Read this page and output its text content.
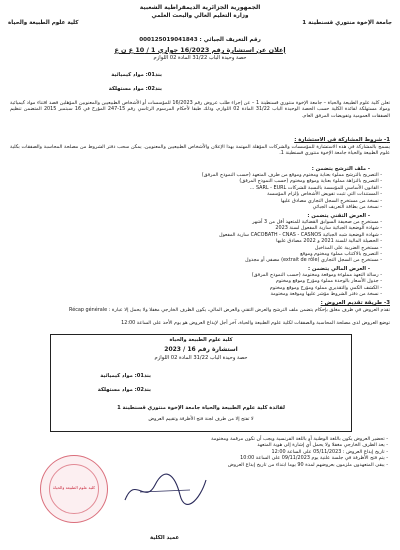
الجمهورية الجزائرية الديمقراطية الشعبية
وزارة التعليم العالي والبحث العلمي
جامعة الإخوة منتوري قسنطينة 1
كلية علوم الطبيعة والحياة
رقم التعريف الجبائي : 000125019041843
إعلان عن استشارة رقم 16/2023 جواري 1 / 10 ع ن ع
حصة وحيدة الباب 31/22 المادة 02 اللوازم
بند01: مواد كيميائية
بند02: مواد مستهلكة
تعلن كلية علوم الطبيعة والحياة – جامعة الإخوة منتوري قسنطينة 1 – عن إجراء طلب عروض رقم 16/2023 للمؤسسات أو الأشخاص الطبيعيين والمعنويين المؤهلين قصد اقتناء مواد كيميائية ومواد مستهلكة لفائدة الكلية حسب الحصة الوحيدة الباب 31/22 المادة 02 اللوازم، وذلك طبقا لأحكام المرسوم الرئاسي رقم 15-247 المؤرخ في 16 سبتمبر 2015 المتضمن تنظيم الصفقات العمومية وتفويضات المرفق العام.
1- شروط المشاركة في الاستشارة :
يسمح بالمشاركة في هذه الاستشارة للمؤسسات والشركات المؤهلة المهتمة بهذا الإعلان والأشخاص الطبيعيين والمعنويين. يمكن سحب دفتر الشروط من مصلحة المحاسبة والصفقات بكلية علوم الطبيعة والحياة جامعة الإخوة منتوري قسنطينة 1.
- ملف الترشح يتضمن :
- التصريح بالترشح مملوء بعناية ومختوم وموقع من طرف المتعهد (حسب النموذج المرفق)
- التصريح بالنزاهة مملوء بعناية وموقع ومختوم (حسب النموذج المرفق)
- القانون الأساسي للمؤسسة بالنسبة للشركات SARL - EURL ...
- المستندات التي تثبت تفويض الأشخاص بإلزام المؤسسة
- نسخة من مستخرج السجل التجاري مصادق عليها
- نسخة من بطاقة التعريف الجبائي
- العرض التقني يتضمن :
- مستخرج من صحيفة السوابق القضائية للمتعهد أقل من 3 أشهر
- شهادة الوضعية الجبائية سارية المفعول لسنة 2023
- شهادة الوضعية شبه الجبائية CACOBATH - CNAS - CASNOS سارية المفعول
- الحصيلة المالية للسنة 2021 و 2022 مصادق عليها
- مستخرج الضريبة على المداخيل
- التصريح بالاكتتاب مملوء ومختوم وموقع
- مستخرج من السجل التجاري (extrait de rôle) مصفى أو مجدول
- العرض المالي يتضمن :
- رسالة التعهد مملوءة وموقعة ومختومة (حسب النموذج المرفق)
- جدول الأسعار بالوحدة مملوء ومؤرخ وموقع ومختوم
- الكشف الكمي والتقديري مملوء ومؤرخ وموقع ومختوم
- نسخة من دفتر الشروط مؤشر عليها وموقعة ومختومة
3- طريقة تقديم العروض :
تقدم العروض في ظرف مغلق بإحكام يتضمن ملف الترشح والعرض التقني والعرض المالي، يكون الظرف الخارجي مغفلا ولا يحمل إلا عبارة : Récap générale
توضع العروض لدى مصلحة المحاسبة والصفقات لكلية علوم الطبيعة والحياة، آخر أجل لإيداع العروض هو يوم الأحد على الساعة 12:00
كلية علوم الطبيعة والحياة
استشارة رقم 16 / 2023
حصة وحيدة الباب 31/22 المادة 02 اللوازم
بند01: مواد كيميائية
بند02: مواد مستهلكة
لفائدة كلية علوم الطبيعة والحياة جامعة الإخوة منتوري قسنطينة 1
لا تفتح إلا من طرف لجنة فتح الأظرفة وتقييم العروض
- تحضير العروض يكون باللغة الوطنية أو باللغة الفرنسية ويجب أن تكون مرقمة ومختومة
- يعد الظرف الخارجي مغفلا ولا يحمل أي إشارة إلى هوية المتعهد
- تاريخ إيداع العروض : 05/11/2023 على الساعة 12:00
- يتم فتح الأظرفة في جلسة علنية يوم 09/11/2023 على الساعة 10:00
- يبقى المتعهدون ملزمون بعروضهم لمدة 90 يوما ابتداء من تاريخ إيداع العروض
كلية علوم الطبيعة والحياة
عميد الكلية
